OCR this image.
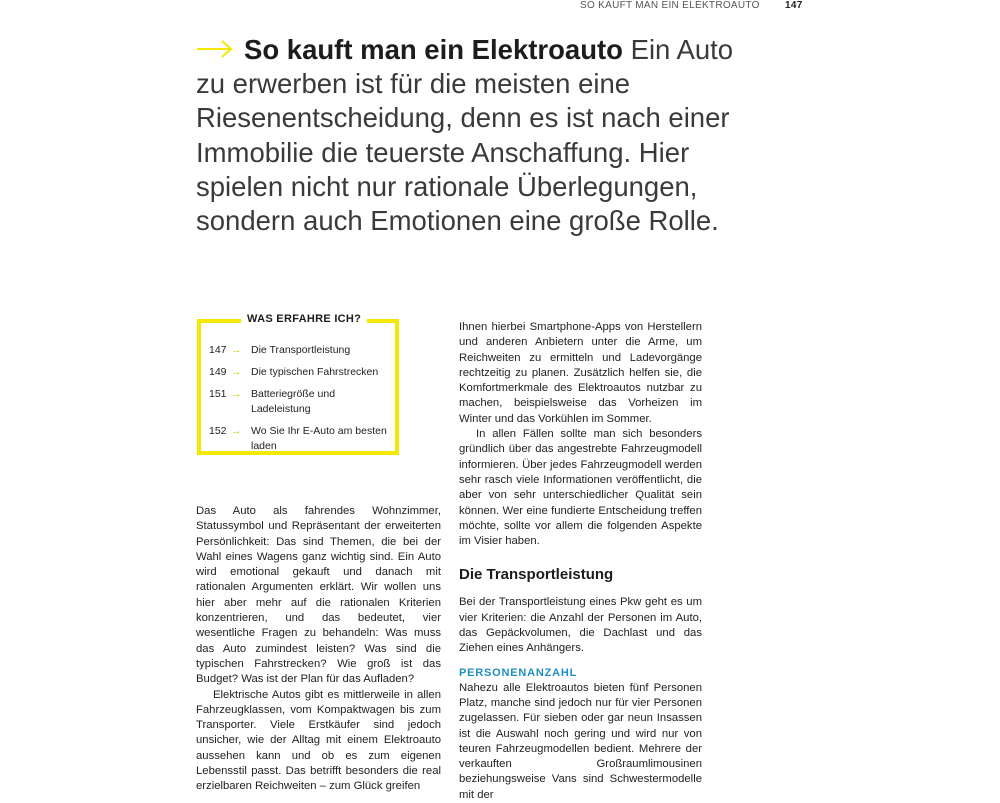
SO KAUFT MAN EIN ELEKTROAUTO	147

So kauft man ein Elektroauto Ein Auto zu erwerben ist für die meisten eine Riesenentscheidung, denn es ist nach einer Immobilie die teuerste Anschaffung. Hier spielen nicht nur rationale Überlegungen, sondern auch Emotionen eine große Rolle.

WAS ERFAHRE ICH?
147 → Die Transportleistung
149 → Die typischen Fahrstrecken
151 → Batteriegröße und Ladeleistung
152 → Wo Sie Ihr E-Auto am besten laden

Das Auto als fahrendes Wohnzimmer, Statussymbol und Repräsentant der erweiterten Persönlichkeit: Das sind Themen, die bei der Wahl eines Wagens ganz wichtig sind. Ein Auto wird emotional gekauft und danach mit rationalen Argumenten erklärt. Wir wollen uns hier aber mehr auf die rationalen Kriterien konzentrieren, und das bedeutet, vier wesentliche Fragen zu behandeln: Was muss das Auto zumindest leisten? Was sind die typischen Fahrstrecken? Wie groß ist das Budget? Was ist der Plan für das Aufladen?

Elektrische Autos gibt es mittlerweile in allen Fahrzeugklassen, vom Kompaktwagen bis zum Transporter. Viele Erstkäufer sind jedoch unsicher, wie der Alltag mit einem Elektroauto aussehen kann und ob es zum eigenen Lebensstil passt. Das betrifft besonders die real erzielbaren Reichweiten – zum Glück greifen

Ihnen hierbei Smartphone-Apps von Herstellern und anderen Anbietern unter die Arme, um Reichweiten zu ermitteln und Ladevorgänge rechtzeitig zu planen. Zusätzlich helfen sie, die Komfortmerkmale des Elektroautos nutzbar zu machen, beispielsweise das Vorheizen im Winter und das Vorkühlen im Sommer.

In allen Fällen sollte man sich besonders gründlich über das angestrebte Fahrzeugmodell informieren. Über jedes Fahrzeugmodell werden sehr rasch viele Informationen veröffentlicht, die aber von sehr unterschiedlicher Qualität sein können. Wer eine fundierte Entscheidung treffen möchte, sollte vor allem die folgenden Aspekte im Visier haben.

Die Transportleistung

Bei der Transportleistung eines Pkw geht es um vier Kriterien: die Anzahl der Personen im Auto, das Gepäckvolumen, die Dachlast und das Ziehen eines Anhängers.

PERSONENANZAHL

Nahezu alle Elektroautos bieten fünf Personen Platz, manche sind jedoch nur für vier Personen zugelassen. Für sieben oder gar neun Insassen ist die Auswahl noch gering und wird nur von teuren Fahrzeugmodellen bedient. Mehrere der verkauften Großraumlimousinen beziehungsweise Vans sind Schwestermodelle mit der
